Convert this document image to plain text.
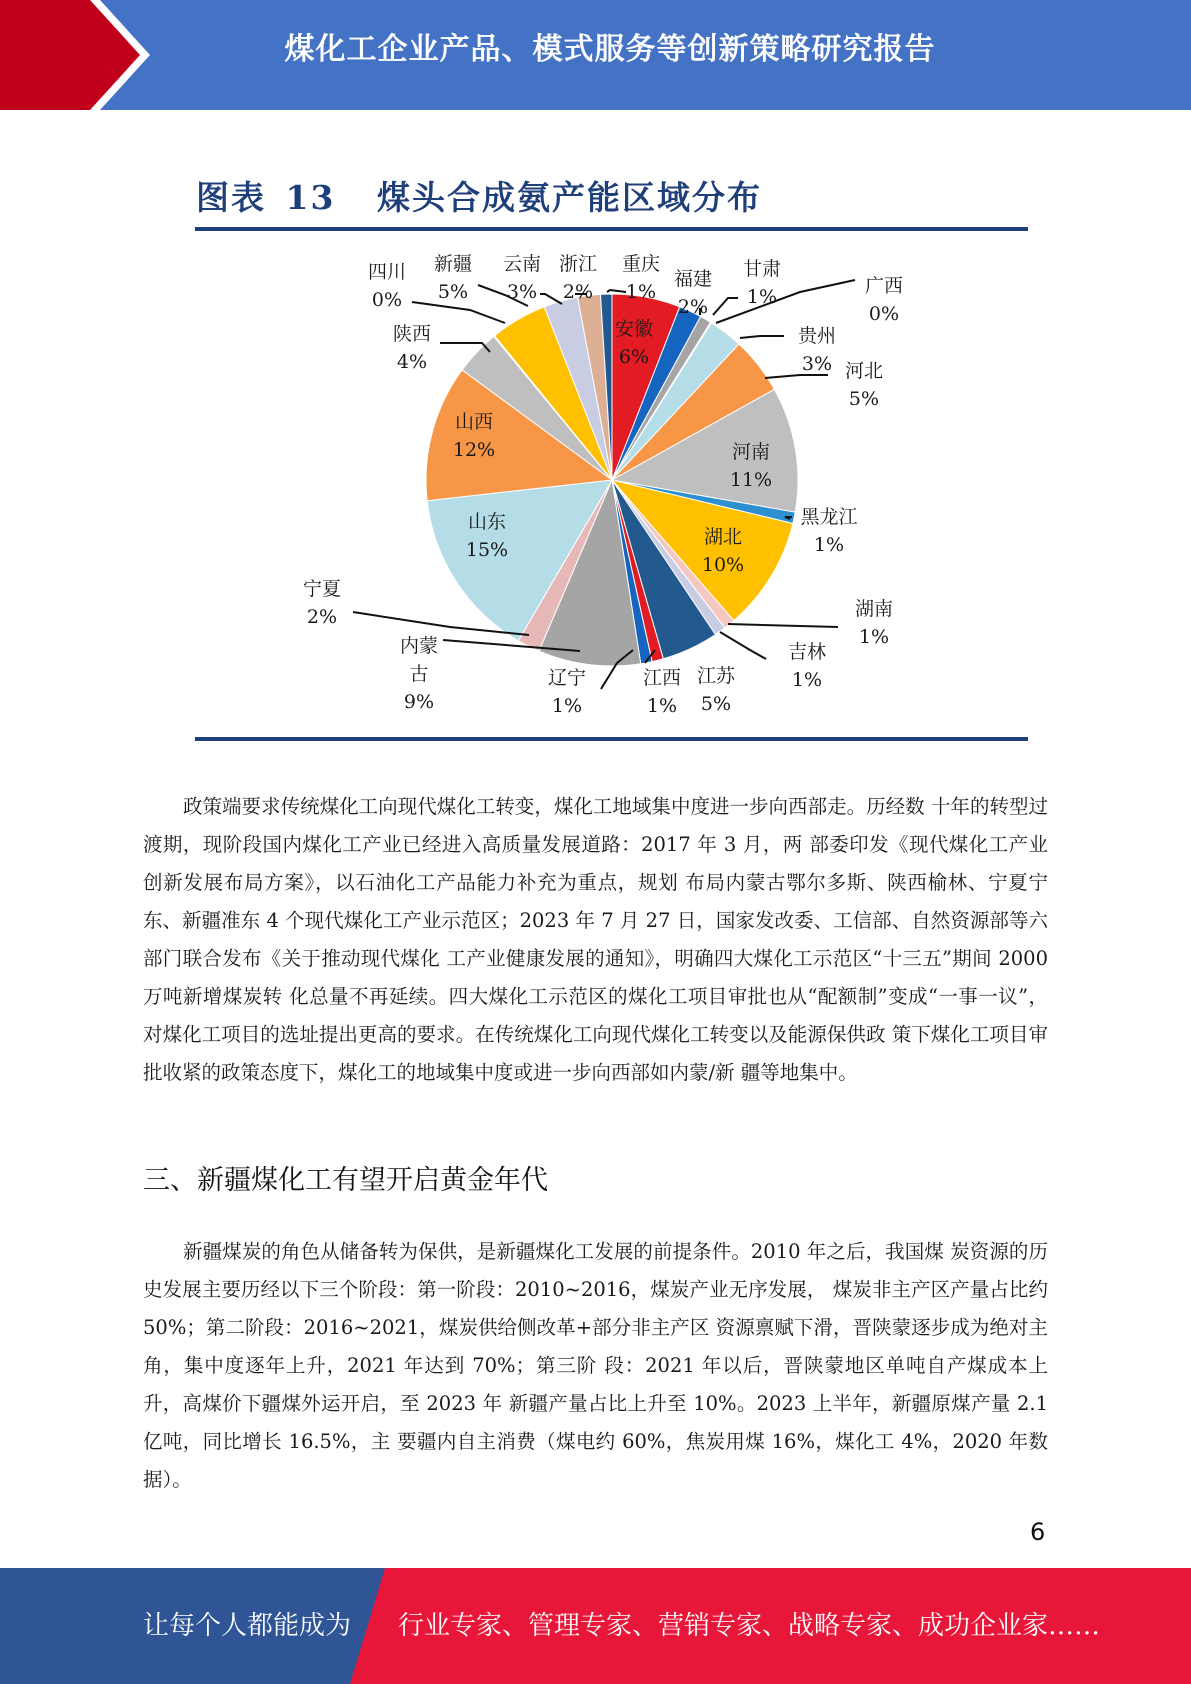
煤化工企业产品、模式服务等创新策略研究报告
图表 13 煤头合成氨产能区域分布
安徽
6%
福建
2%
甘肃
1%	广西
0%
贵州
3% 河北
5%
河南
11%
黑龙江
1%
湖北
10%
湖南
1%
吉林
1%
江苏
5%
江西
1%
辽宁
1%
内蒙
古
9%
宁夏
2%
山东
15%
山西
12%
陕西
4%
四川
0%
新疆
5%
云南
3%
浙江
2%
重庆
1%
政策端要求传统煤化工向现代煤化工转变，煤化工地域集中度进一步向西部走。历经数 十年的转型过渡期，现阶段国内煤化工产业已经进入高质量发展道路：2017 年 3 月，两 部委印发《现代煤化工产业创新发展布局方案》，以石油化工产品能力补充为重点，规划 布局内蒙古鄂尔多斯、陕西榆林、宁夏宁东、新疆准东 4 个现代煤化工产业示范区；2023 年 7 月 27 日，国家发改委、工信部、自然资源部等六部门联合发布《关于推动现代煤化 工产业健康发展的通知》，明确四大煤化工示范区“十三五”期间 2000 万吨新增煤炭转 化总量不再延续。四大煤化工示范区的煤化工项目审批也从“配额制”变成“一事一议”， 对煤化工项目的选址提出更高的要求。在传统煤化工向现代煤化工转变以及能源保供政 策下煤化工项目审批收紧的政策态度下，煤化工的地域集中度或进一步向西部如内蒙/新 疆等地集中。
三、新疆煤化工有望开启黄金年代
新疆煤炭的角色从储备转为保供，是新疆煤化工发展的前提条件。2010 年之后，我国煤 炭资源的历史发展主要历经以下三个阶段：第一阶段：2010~2016，煤炭产业无序发展， 煤炭非主产区产量占比约 50%；第二阶段：2016~2021，煤炭供给侧改革+部分非主产区 资源禀赋下滑，晋陕蒙逐步成为绝对主角，集中度逐年上升，2021 年达到 70%；第三阶 段：2021 年以后，晋陕蒙地区单吨自产煤成本上升，高煤价下疆煤外运开启，至 2023 年 新疆产量占比上升至 10%。2023 上半年，新疆原煤产量 2.1 亿吨，同比增长 16.5%，主 要疆内自主消费（煤电约 60%，焦炭用煤 16%，煤化工 4%，2020 年数据）。
6
让每个人都能成为 行业专家、管理专家、营销专家、战略专家、成功企业家……
